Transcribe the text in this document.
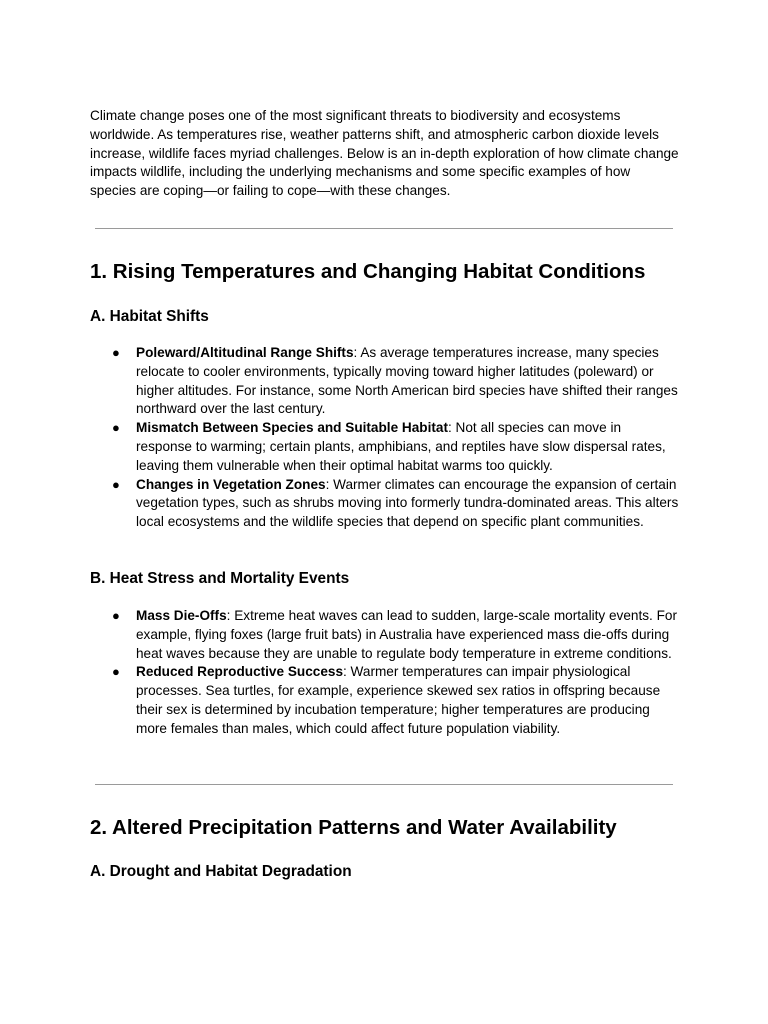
Climate change poses one of the most significant threats to biodiversity and ecosystems worldwide. As temperatures rise, weather patterns shift, and atmospheric carbon dioxide levels increase, wildlife faces myriad challenges. Below is an in-depth exploration of how climate change impacts wildlife, including the underlying mechanisms and some specific examples of how species are coping—or failing to cope—with these changes.

1. Rising Temperatures and Changing Habitat Conditions
A. Habitat Shifts
● Poleward/Altitudinal Range Shifts: As average temperatures increase, many species relocate to cooler environments, typically moving toward higher latitudes (poleward) or higher altitudes. For instance, some North American bird species have shifted their ranges northward over the last century.
● Mismatch Between Species and Suitable Habitat: Not all species can move in response to warming; certain plants, amphibians, and reptiles have slow dispersal rates, leaving them vulnerable when their optimal habitat warms too quickly.
● Changes in Vegetation Zones: Warmer climates can encourage the expansion of certain vegetation types, such as shrubs moving into formerly tundra-dominated areas. This alters local ecosystems and the wildlife species that depend on specific plant communities.
B. Heat Stress and Mortality Events
● Mass Die-Offs: Extreme heat waves can lead to sudden, large-scale mortality events. For example, flying foxes (large fruit bats) in Australia have experienced mass die-offs during heat waves because they are unable to regulate body temperature in extreme conditions.
● Reduced Reproductive Success: Warmer temperatures can impair physiological processes. Sea turtles, for example, experience skewed sex ratios in offspring because their sex is determined by incubation temperature; higher temperatures are producing more females than males, which could affect future population viability.
2. Altered Precipitation Patterns and Water Availability
A. Drought and Habitat Degradation
